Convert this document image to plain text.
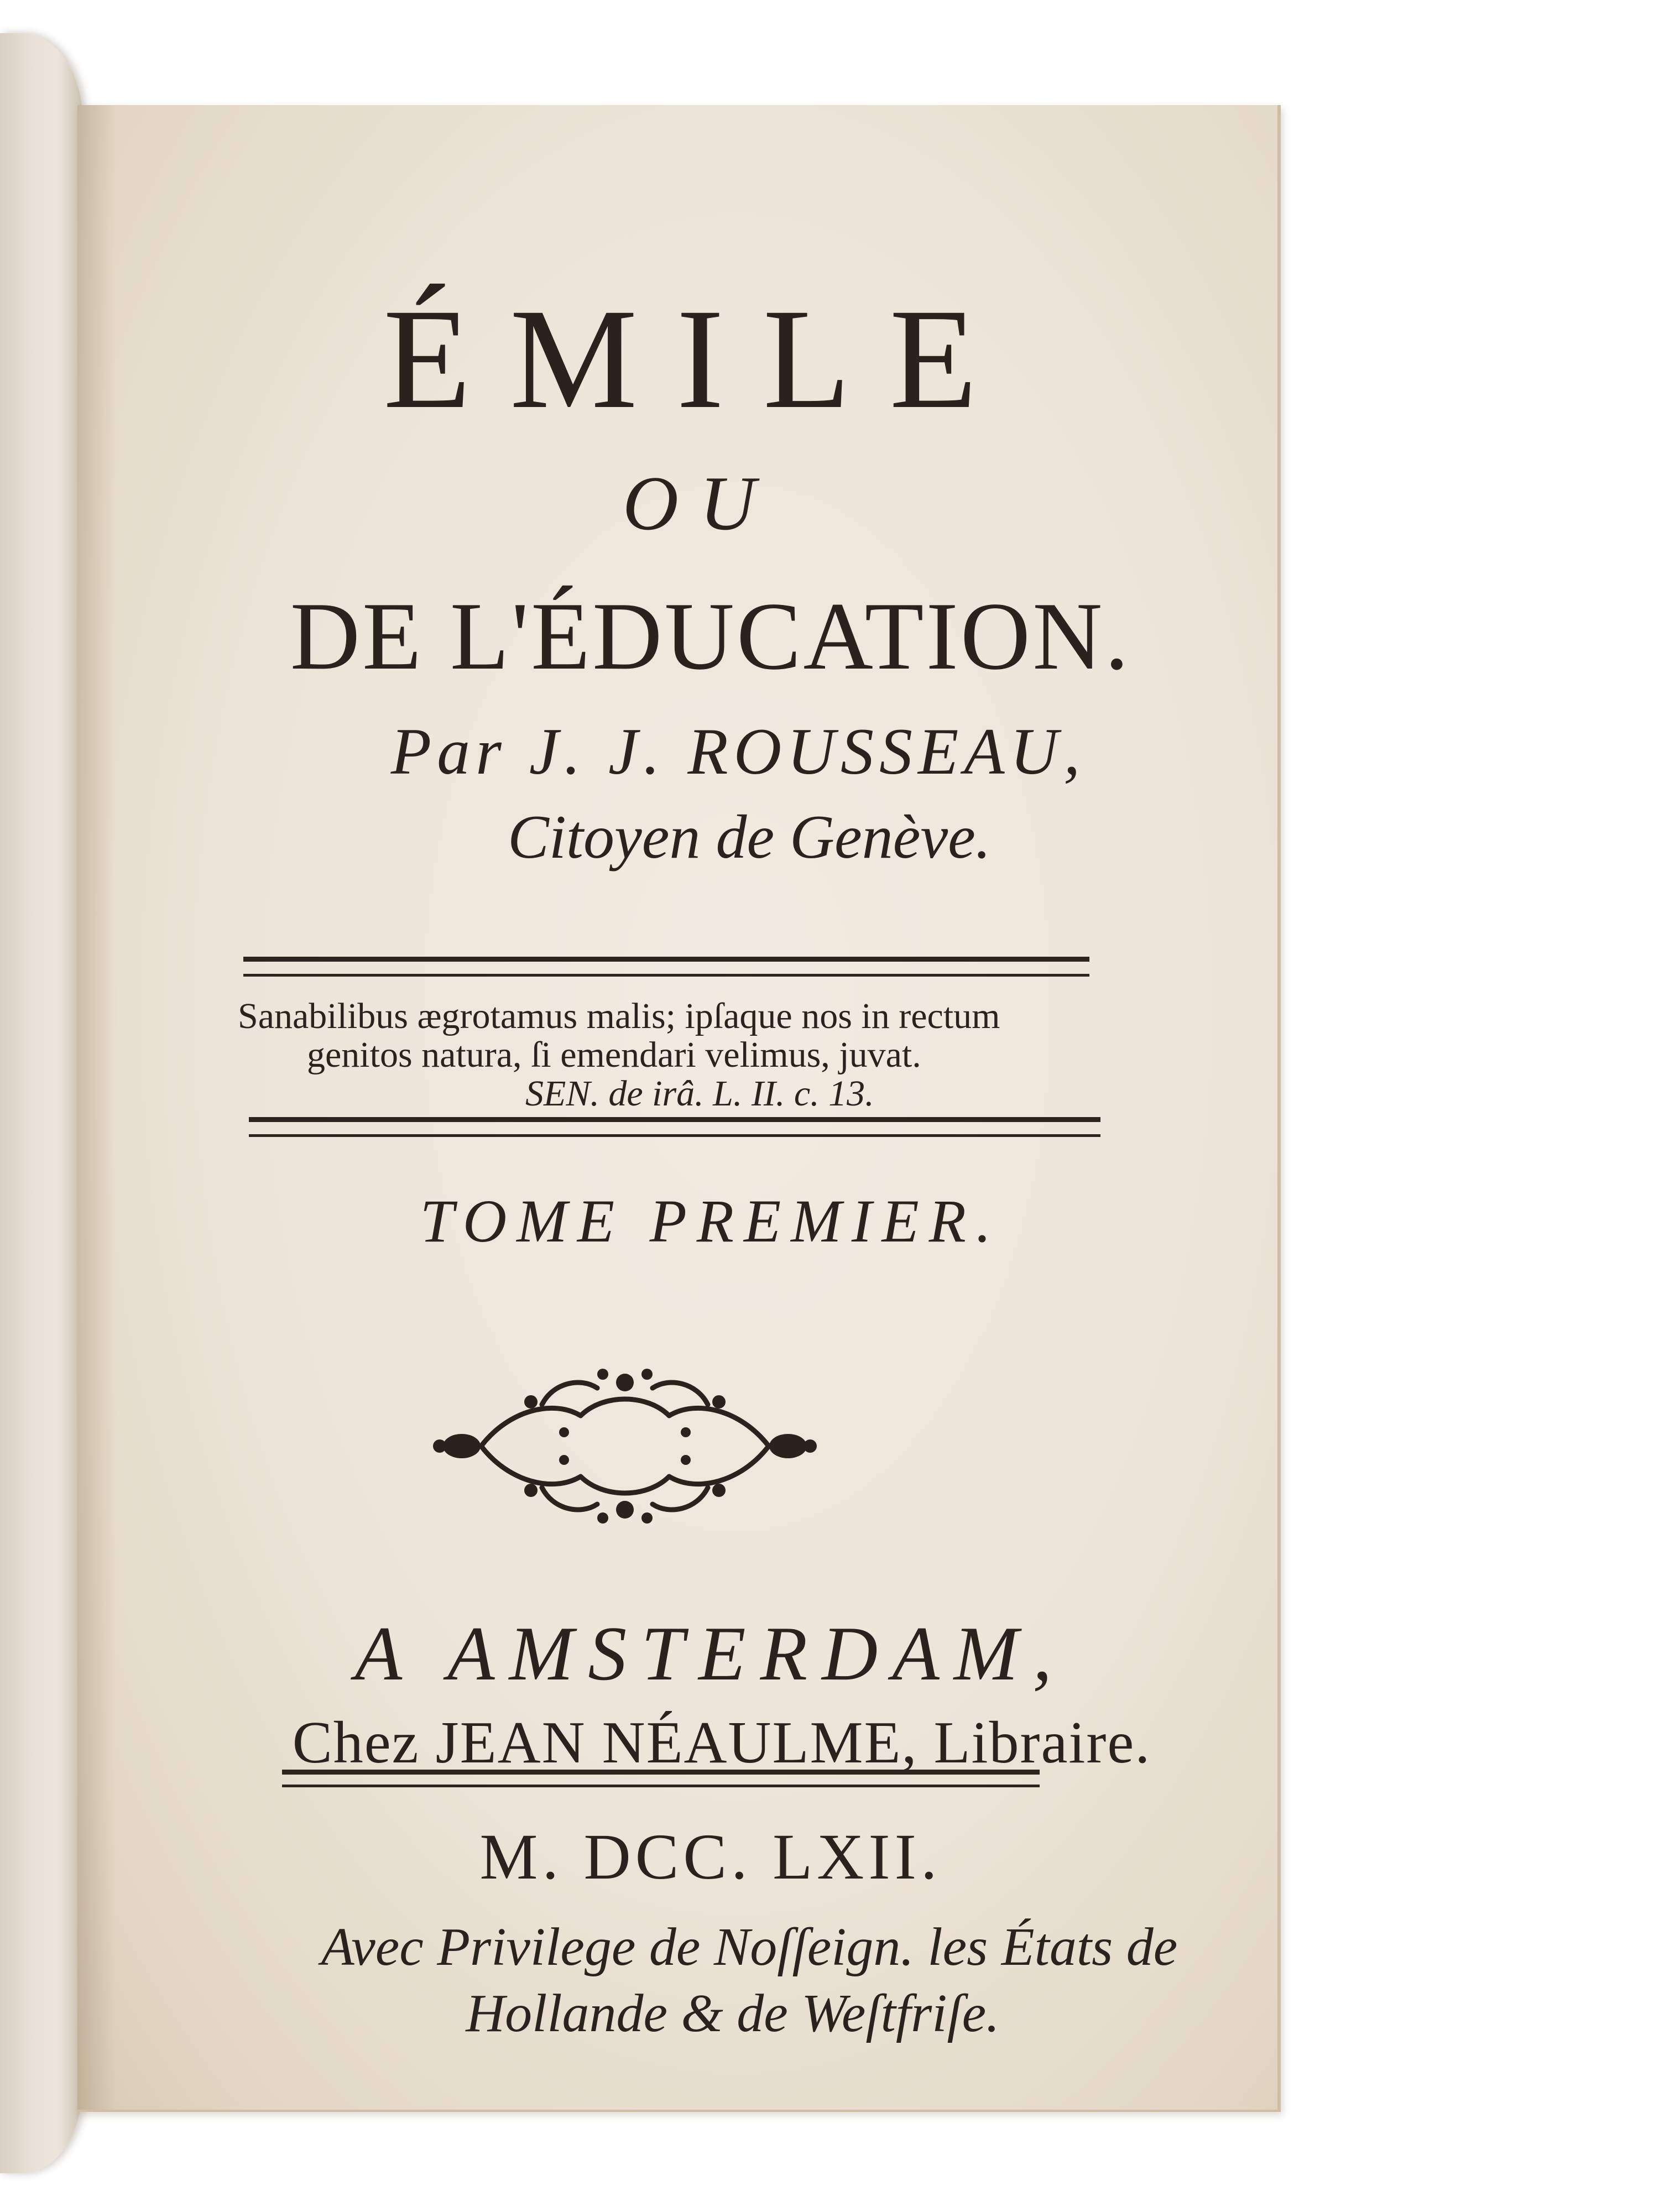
ÉMILE
OU
DE L'ÉDUCATION.
Par J. J. ROUSSEAU,
Citoyen de Genève.
Sanabilibus ægrotamus malis; ipſaque nos in rectum
genitos natura, ſi emendari velimus, juvat.
SEN. de irâ. L. II. c. 13.
TOME PREMIER.
A AMSTERDAM,
Chez JEAN NÉAULME, Libraire.
M. DCC. LXII.
Avec Privilege de Noſſeign. les États de
Hollande & de Weſtfriſe.
